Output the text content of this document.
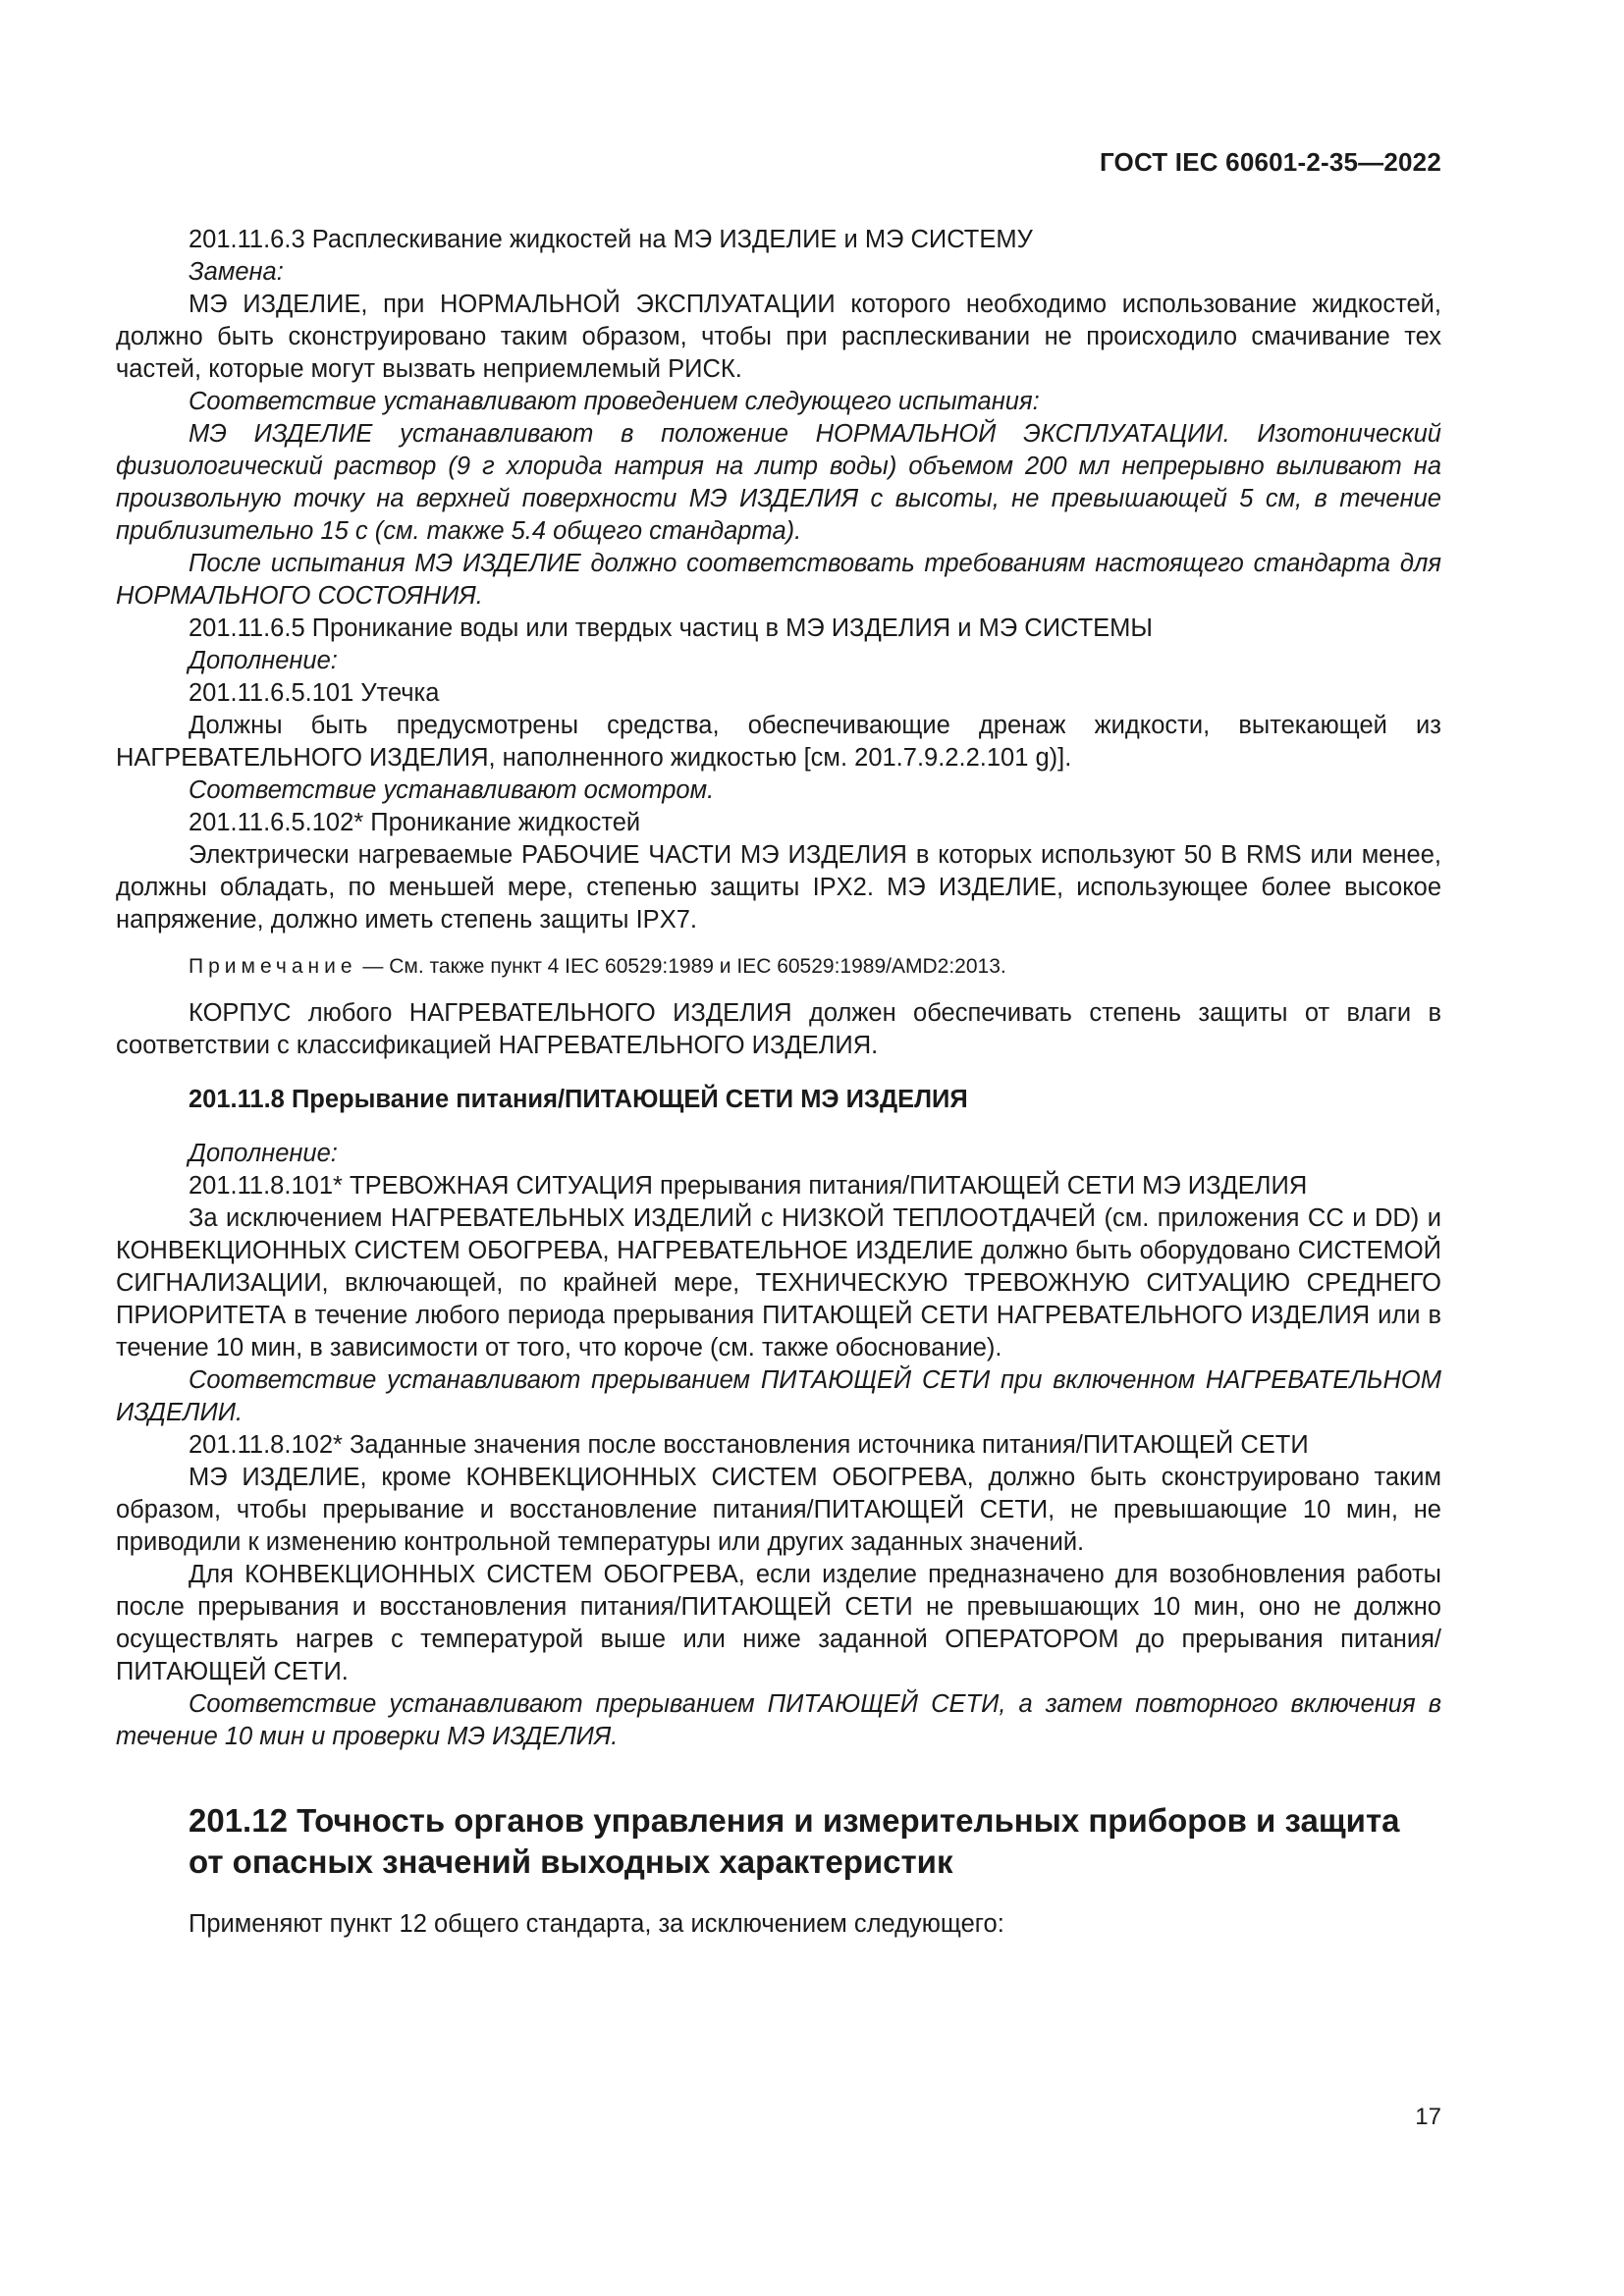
ГОСТ IEC 60601-2-35—2022

201.11.6.3 Расплескивание жидкостей на МЭ ИЗДЕЛИЕ и МЭ СИСТЕМУ

Замена:

МЭ ИЗДЕЛИЕ, при НОРМАЛЬНОЙ ЭКСПЛУАТАЦИИ которого необходимо использование жидкостей, должно быть сконструировано таким образом, чтобы при расплескивании не происходило смачивание тех частей, которые могут вызвать неприемлемый РИСК.

Соответствие устанавливают проведением следующего испытания:

МЭ ИЗДЕЛИЕ устанавливают в положение НОРМАЛЬНОЙ ЭКСПЛУАТАЦИИ. Изотонический физиологический раствор (9 г хлорида натрия на литр воды) объемом 200 мл непрерывно выливают на произвольную точку на верхней поверхности МЭ ИЗДЕЛИЯ с высоты, не превышающей 5 см, в течение приблизительно 15 с (см. также 5.4 общего стандарта).

После испытания МЭ ИЗДЕЛИЕ должно соответствовать требованиям настоящего стандарта для НОРМАЛЬНОГО СОСТОЯНИЯ.

201.11.6.5 Проникание воды или твердых частиц в МЭ ИЗДЕЛИЯ и МЭ СИСТЕМЫ

Дополнение:

201.11.6.5.101 Утечка

Должны быть предусмотрены средства, обеспечивающие дренаж жидкости, вытекающей из НАГРЕВАТЕЛЬНОГО ИЗДЕЛИЯ, наполненного жидкостью [см. 201.7.9.2.2.101 g)].

Соответствие устанавливают осмотром.

201.11.6.5.102* Проникание жидкостей

Электрически нагреваемые РАБОЧИЕ ЧАСТИ МЭ ИЗДЕЛИЯ в которых используют 50 В RMS или менее, должны обладать, по меньшей мере, степенью защиты IPX2. МЭ ИЗДЕЛИЕ, использующее более высокое напряжение, должно иметь степень защиты IPX7.

Примечание — См. также пункт 4 IEC 60529:1989 и IEC 60529:1989/AMD2:2013.

КОРПУС любого НАГРЕВАТЕЛЬНОГО ИЗДЕЛИЯ должен обеспечивать степень защиты от влаги в соответствии с классификацией НАГРЕВАТЕЛЬНОГО ИЗДЕЛИЯ.

201.11.8 Прерывание питания/ПИТАЮЩЕЙ СЕТИ МЭ ИЗДЕЛИЯ

Дополнение:

201.11.8.101* ТРЕВОЖНАЯ СИТУАЦИЯ прерывания питания/ПИТАЮЩЕЙ СЕТИ МЭ ИЗДЕЛИЯ

За исключением НАГРЕВАТЕЛЬНЫХ ИЗДЕЛИЙ с НИЗКОЙ ТЕПЛООТДАЧЕЙ (см. приложения СС и DD) и КОНВЕКЦИОННЫХ СИСТЕМ ОБОГРЕВА, НАГРЕВАТЕЛЬНОЕ ИЗДЕЛИЕ должно быть оборудовано СИСТЕМОЙ СИГНАЛИЗАЦИИ, включающей, по крайней мере, ТЕХНИЧЕСКУЮ ТРЕВОЖНУЮ СИТУАЦИЮ СРЕДНЕГО ПРИОРИТЕТА в течение любого периода прерывания ПИТАЮЩЕЙ СЕТИ НАГРЕВАТЕЛЬНОГО ИЗДЕЛИЯ или в течение 10 мин, в зависимости от того, что короче (см. также обоснование).

Соответствие устанавливают прерыванием ПИТАЮЩЕЙ СЕТИ при включенном НАГРЕВАТЕЛЬНОМ ИЗДЕЛИИ.

201.11.8.102* Заданные значения после восстановления источника питания/ПИТАЮЩЕЙ СЕТИ

МЭ ИЗДЕЛИЕ, кроме КОНВЕКЦИОННЫХ СИСТЕМ ОБОГРЕВА, должно быть сконструировано таким образом, чтобы прерывание и восстановление питания/ПИТАЮЩЕЙ СЕТИ, не превышающие 10 мин, не приводили к изменению контрольной температуры или других заданных значений.

Для КОНВЕКЦИОННЫХ СИСТЕМ ОБОГРЕВА, если изделие предназначено для возобновления работы после прерывания и восстановления питания/ПИТАЮЩЕЙ СЕТИ не превышающих 10 мин, оно не должно осуществлять нагрев с температурой выше или ниже заданной ОПЕРАТОРОМ до прерывания питания/ПИТАЮЩЕЙ СЕТИ.

Соответствие устанавливают прерыванием ПИТАЮЩЕЙ СЕТИ, а затем повторного включения в течение 10 мин и проверки МЭ ИЗДЕЛИЯ.

201.12 Точность органов управления и измерительных приборов и защита от опасных значений выходных характеристик

Применяют пункт 12 общего стандарта, за исключением следующего:

17
